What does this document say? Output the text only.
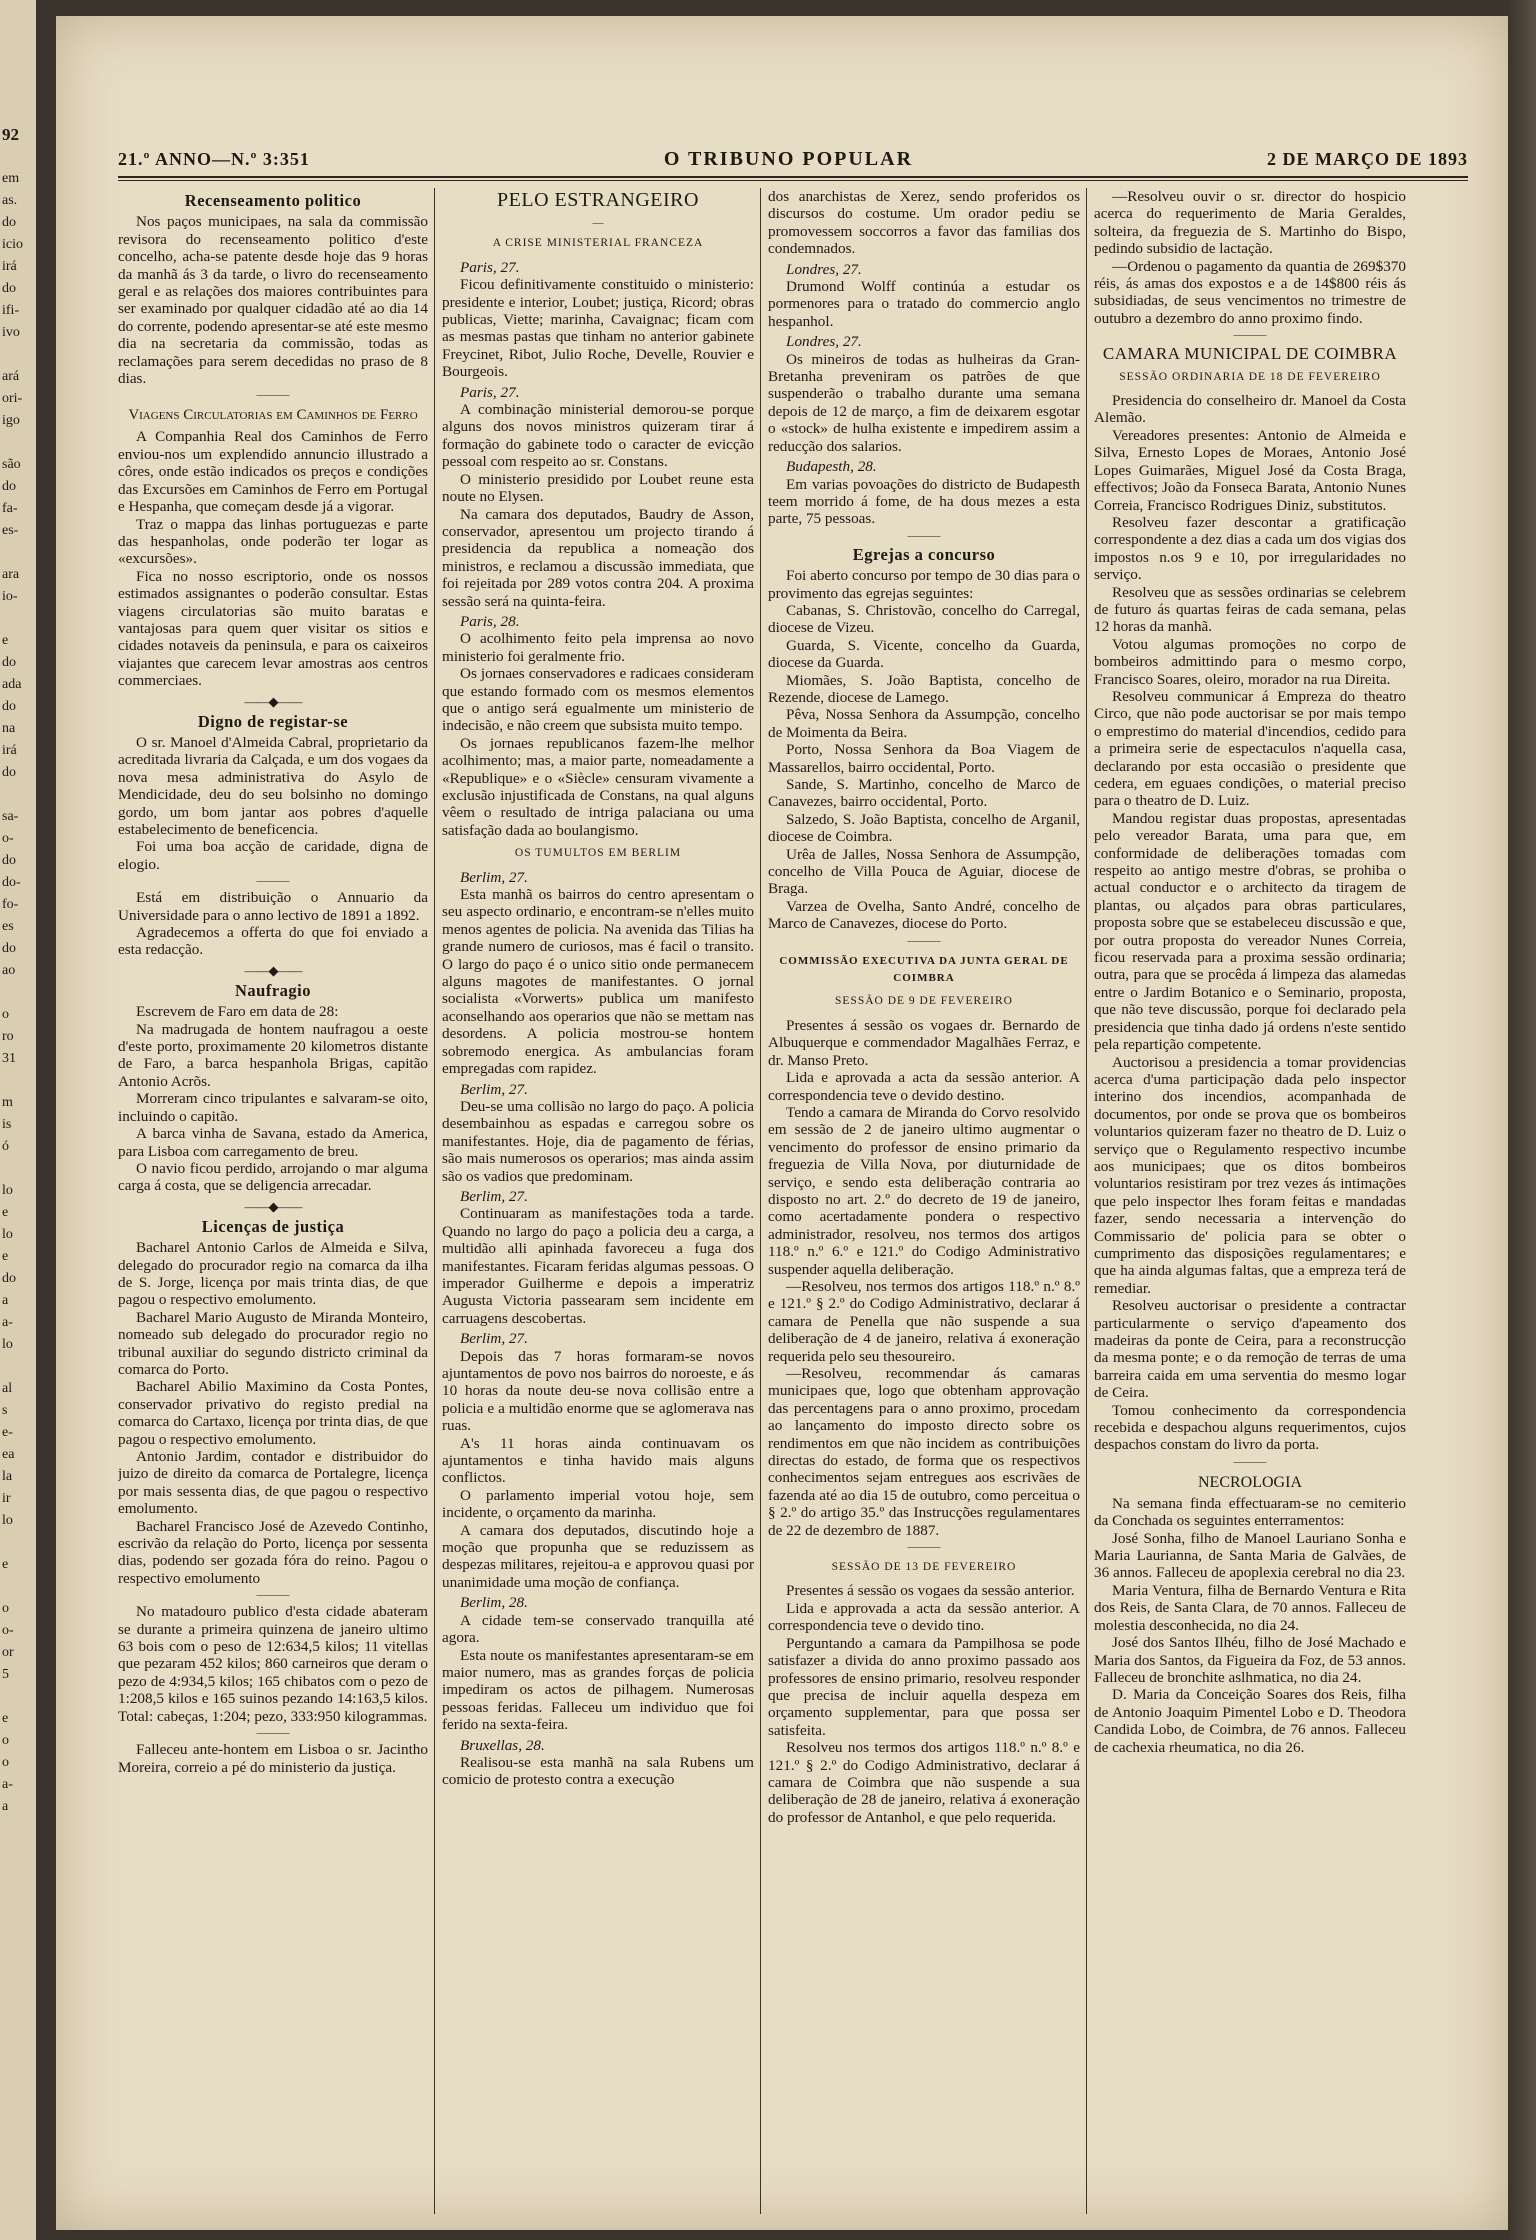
92

em
as.
do
icio
irá
do
ifi-
ivo

ará
ori-
igo

são
do
fa-
es-

ara
io-

e
do
ada
do
na
irá
do

sa-
o-
do
do-
fo-
es
do
ao

o
ro
31

m
is
ó

lo
e
lo
e
do
a
a-
lo

al
s
e-
ea
la
ir
lo

e

o
o-
or
5

e
o
o
a-
a
21.º ANNO—N.º 3:351	O TRIBUNO POPULAR	2 DE MARÇO DE 1893
Recenseamento politico

Nos paços municipaes, na sala da commissão revisora do recenseamento politico d'este concelho, acha-se patente desde hoje das 9 horas da manhã ás 3 da tarde, o livro do recenseamento geral e as relações dos maiores contribuintes para ser examinado por qualquer cidadão até ao dia 14 do corrente, podendo apresentar-se até este mesmo dia na secretaria da commissão, todas as reclamações para serem decedidas no praso de 8 dias.

———
Viagens Circulatorias em Caminhos de Ferro

A Companhia Real dos Caminhos de Ferro enviou-nos um explendido annuncio illustrado a côres, onde estão indicados os preços e condições das Excursões em Caminhos de Ferro em Portugal e Hespanha, que começam desde já a vigorar.

Traz o mappa das linhas portuguezas e parte das hespanholas, onde poderão ter logar as «excursões».

Fica no nosso escriptorio, onde os nossos estimados assignantes o poderão consultar. Estas viagens circulatorias são muito baratas e vantajosas para quem quer visitar os sitios e cidades notaveis da peninsula, e para os caixeiros viajantes que carecem levar amostras aos centros commerciaes.

——◆——
Digno de registar-se

O sr. Manoel d'Almeida Cabral, proprietario da acreditada livraria da Calçada, e um dos vogaes da nova mesa administrativa do Asylo de Mendicidade, deu do seu bolsinho no domingo gordo, um bom jantar aos pobres d'aquelle estabelecimento de beneficencia.

Foi uma boa acção de caridade, digna de elogio.

———

Está em distribuição o Annuario da Universidade para o anno lectivo de 1891 a 1892.

Agradecemos a offerta do que foi enviado a esta redacção.

——◆——
Naufragio

Escrevem de Faro em data de 28:

Na madrugada de hontem naufragou a oeste d'este porto, proximamente 20 kilometros distante de Faro, a barca hespanhola Brigas, capitão Antonio Acrõs.

Morreram cinco tripulantes e salvaram-se oito, incluindo o capitão.

A barca vinha de Savana, estado da America, para Lisboa com carregamento de breu.

O navio ficou perdido, arrojando o mar alguma carga á costa, que se deligencia arrecadar.

——◆——
Licenças de justiça

Bacharel Antonio Carlos de Almeida e Silva, delegado do procurador regio na comarca da ilha de S. Jorge, licença por mais trinta dias, de que pagou o respectivo emolumento.

Bacharel Mario Augusto de Miranda Monteiro, nomeado sub delegado do procurador regio no tribunal auxiliar do segundo districto criminal da comarca do Porto.

Bacharel Abilio Maximino da Costa Pontes, conservador privativo do registo predial na comarca do Cartaxo, licença por trinta dias, de que pagou o respectivo emolumento.

Antonio Jardim, contador e distribuidor do juizo de direito da comarca de Portalegre, licença por mais sessenta dias, de que pagou o respectivo emolumento.

Bacharel Francisco José de Azevedo Continho, escrivão da relação do Porto, licença por sessenta dias, podendo ser gozada fóra do reino. Pagou o respectivo emolumento

———

No matadouro publico d'esta cidade abateram se durante a primeira quinzena de janeiro ultimo 63 bois com o peso de 12:634,5 kilos; 11 vitellas que pezaram 452 kilos; 860 carneiros que deram o pezo de 4:934,5 kilos; 165 chibatos com o pezo de 1:208,5 kilos e 165 suinos pezando 14:163,5 kilos. Total: cabeças, 1:204; pezo, 333:950 kilogrammas.

———

Falleceu ante-hontem em Lisboa o sr. Jacintho Moreira, correio a pé do ministerio da justiça.

PELO ESTRANGEIRO
—
A CRISE MINISTERIAL FRANCEZA

Paris, 27.

Ficou definitivamente constituido o ministerio: presidente e interior, Loubet; justiça, Ricord; obras publicas, Viette; marinha, Cavaignac; ficam com as mesmas pastas que tinham no anterior gabinete Freycinet, Ribot, Julio Roche, Develle, Rouvier e Bourgeois.

Paris, 27.

A combinação ministerial demorou-se porque alguns dos novos ministros quizeram tirar á formação do gabinete todo o caracter de evicção pessoal com respeito ao sr. Constans.

O ministerio presidido por Loubet reune esta noute no Elysen.

Na camara dos deputados, Baudry de Asson, conservador, apresentou um projecto tirando á presidencia da republica a nomeação dos ministros, e reclamou a discussão immediata, que foi rejeitada por 289 votos contra 204. A proxima sessão será na quinta-feira.

Paris, 28.

O acolhimento feito pela imprensa ao novo ministerio foi geralmente frio.

Os jornaes conservadores e radicaes consideram que estando formado com os mesmos elementos que o antigo será egualmente um ministerio de indecisão, e não creem que subsista muito tempo.

Os jornaes republicanos fazem-lhe melhor acolhimento; mas, a maior parte, nomeadamente a «Republique» e o «Siècle» censuram vivamente a exclusão injustificada de Constans, na qual alguns vêem o resultado de intriga palaciana ou uma satisfação dada ao boulangismo.

OS TUMULTOS EM BERLIM

Berlim, 27.

Esta manhã os bairros do centro apresentam o seu aspecto ordinario, e encontram-se n'elles muito menos agentes de policia. Na avenida das Tilias ha grande numero de curiosos, mas é facil o transito. O largo do paço é o unico sitio onde permanecem alguns magotes de manifestantes. O jornal socialista «Vorwerts» publica um manifesto aconselhando aos operarios que não se mettam nas desordens. A policia mostrou-se hontem sobremodo energica. As ambulancias foram empregadas com rapidez.

Berlim, 27.

Deu-se uma collisão no largo do paço. A policia desembainhou as espadas e carregou sobre os manifestantes. Hoje, dia de pagamento de férias, são mais numerosos os operarios; mas ainda assim são os vadios que predominam.

Berlim, 27.

Continuaram as manifestações toda a tarde. Quando no largo do paço a policia deu a carga, a multidão alli apinhada favoreceu a fuga dos manifestantes. Ficaram feridas algumas pessoas. O imperador Guilherme e depois a imperatriz Augusta Victoria passearam sem incidente em carruagens descobertas.

Berlim, 27.

Depois das 7 horas formaram-se novos ajuntamentos de povo nos bairros do noroeste, e ás 10 horas da noute deu-se nova collisão entre a policia e a multidão enorme que se aglomerava nas ruas.

A's 11 horas ainda continuavam os ajuntamentos e tinha havido mais alguns conflictos.

O parlamento imperial votou hoje, sem incidente, o orçamento da marinha.

A camara dos deputados, discutindo hoje a moção que propunha que se reduzissem as despezas militares, rejeitou-a e approvou quasi por unanimidade uma moção de confiança.

Berlim, 28.

A cidade tem-se conservado tranquilla até agora.

Esta noute os manifestantes apresentaram-se em maior numero, mas as grandes forças de policia impediram os actos de pilhagem. Numerosas pessoas feridas. Falleceu um individuo que foi ferido na sexta-feira.

Bruxellas, 28.

Realisou-se esta manhã na sala Rubens um comicio de protesto contra a execução

dos anarchistas de Xerez, sendo proferidos os discursos do costume. Um orador pediu se promovessem soccorros a favor das familias dos condemnados.

Londres, 27.

Drumond Wolff continúa a estudar os pormenores para o tratado do commercio anglo hespanhol.

Londres, 27.

Os mineiros de todas as hulheiras da Gran-Bretanha preveniram os patrões de que suspenderão o trabalho durante uma semana depois de 12 de março, a fim de deixarem esgotar o «stock» de hulha existente e impedirem assim a reducção dos salarios.

Budapesth, 28.

Em varias povoações do districto de Budapesth teem morrido á fome, de ha dous mezes a esta parte, 75 pessoas.

———
Egrejas a concurso

Foi aberto concurso por tempo de 30 dias para o provimento das egrejas seguintes:

Cabanas, S. Christovão, concelho do Carregal, diocese de Vizeu.

Guarda, S. Vicente, concelho da Guarda, diocese da Guarda.

Miomães, S. João Baptista, concelho de Rezende, diocese de Lamego.

Pêva, Nossa Senhora da Assumpção, concelho de Moimenta da Beira.

Porto, Nossa Senhora da Boa Viagem de Massarellos, bairro occidental, Porto.

Sande, S. Martinho, concelho de Marco de Canavezes, bairro occidental, Porto.

Salzedo, S. João Baptista, concelho de Arganil, diocese de Coimbra.

Urêa de Jalles, Nossa Senhora de Assumpção, concelho de Villa Pouca de Aguiar, diocese de Braga.

Varzea de Ovelha, Santo André, concelho de Marco de Canavezes, diocese do Porto.

———
COMMISSÃO EXECUTIVA DA JUNTA GERAL DE COIMBRA
SESSÃO DE 9 DE FEVEREIRO

Presentes á sessão os vogaes dr. Bernardo de Albuquerque e commendador Magalhães Ferraz, e dr. Manso Preto.

Lida e aprovada a acta da sessão anterior. A correspondencia teve o devido destino.

Tendo a camara de Miranda do Corvo resolvido em sessão de 2 de janeiro ultimo augmentar o vencimento do professor de ensino primario da freguezia de Villa Nova, por diuturnidade de serviço, e sendo esta deliberação contraria ao disposto no art. 2.º do decreto de 19 de janeiro, como acertadamente pondera o respectivo administrador, resolveu, nos termos dos artigos 118.º n.º 6.º e 121.º do Codigo Administrativo suspender aquella deliberação.

—Resolveu, nos termos dos artigos 118.º n.º 8.º e 121.º § 2.º do Codigo Administrativo, declarar á camara de Penella que não suspende a sua deliberação de 4 de janeiro, relativa á exoneração requerida pelo seu thesoureiro.

—Resolveu, recommendar ás camaras municipaes que, logo que obtenham approvação das percentagens para o anno proximo, procedam ao lançamento do imposto directo sobre os rendimentos em que não incidem as contribuições directas do estado, de forma que os respectivos conhecimentos sejam entregues aos escrivães de fazenda até ao dia 15 de outubro, como perceitua o § 2.º do artigo 35.º das Instrucções regulamentares de 22 de dezembro de 1887.

———
SESSÃO DE 13 DE FEVEREIRO

Presentes á sessão os vogaes da sessão anterior.

Lida e approvada a acta da sessão anterior. A correspondencia teve o devido tino.

Perguntando a camara da Pampilhosa se pode satisfazer a divida do anno proximo passado aos professores de ensino primario, resolveu responder que precisa de incluir aquella despeza em orçamento supplementar, para que possa ser satisfeita.

Resolveu nos termos dos artigos 118.º n.º 8.º e 121.º § 2.º do Codigo Administrativo, declarar á camara de Coimbra que não suspende a sua deliberação de 28 de janeiro, relativa á exoneração do professor de Antanhol, e que pelo requerida.

—Resolveu ouvir o sr. director do hospicio acerca do requerimento de Maria Geraldes, solteira, da freguezia de S. Martinho do Bispo, pedindo subsidio de lactação.

—Ordenou o pagamento da quantia de 269$370 réis, ás amas dos expostos e a de 14$800 réis ás subsidiadas, de seus vencimentos no trimestre de outubro a dezembro do anno proximo findo.

———
CAMARA MUNICIPAL DE COIMBRA
SESSÃO ORDINARIA DE 18 DE FEVEREIRO

Presidencia do conselheiro dr. Manoel da Costa Alemão.

Vereadores presentes: Antonio de Almeida e Silva, Ernesto Lopes de Moraes, Antonio José Lopes Guimarães, Miguel José da Costa Braga, effectivos; João da Fonseca Barata, Antonio Nunes Correia, Francisco Rodrigues Diniz, substitutos.

Resolveu fazer descontar a gratificação correspondente a dez dias a cada um dos vigias dos impostos n.os 9 e 10, por irregularidades no serviço.

Resolveu que as sessões ordinarias se celebrem de futuro ás quartas feiras de cada semana, pelas 12 horas da manhã.

Votou algumas promoções no corpo de bombeiros admittindo para o mesmo corpo, Francisco Soares, oleiro, morador na rua Direita.

Resolveu communicar á Empreza do theatro Circo, que não pode auctorisar se por mais tempo o emprestimo do material d'incendios, cedido para a primeira serie de espectaculos n'aquella casa, declarando por esta occasião o presidente que cedera, em eguaes condições, o material preciso para o theatro de D. Luiz.

Mandou registar duas propostas, apresentadas pelo vereador Barata, uma para que, em conformidade de deliberações tomadas com respeito ao antigo mestre d'obras, se prohiba o actual conductor e o architecto da tiragem de plantas, ou alçados para obras particulares, proposta sobre que se estabeleceu discussão e que, por outra proposta do vereador Nunes Correia, ficou reservada para a proxima sessão ordinaria; outra, para que se procêda á limpeza das alamedas entre o Jardim Botanico e o Seminario, proposta, que não teve discussão, porque foi declarado pela presidencia que tinha dado já ordens n'este sentido pela repartição competente.

Auctorisou a presidencia a tomar providencias acerca d'uma participação dada pelo inspector interino dos incendios, acompanhada de documentos, por onde se prova que os bombeiros voluntarios quizeram fazer no theatro de D. Luiz o serviço que o Regulamento respectivo incumbe aos municipaes; que os ditos bombeiros voluntarios resistiram por trez vezes ás intimações que pelo inspector lhes foram feitas e mandadas fazer, sendo necessaria a intervenção do Commissario de' policia para se obter o cumprimento das disposições regulamentares; e que ha ainda algumas faltas, que a empreza terá de remediar.

Resolveu auctorisar o presidente a contractar particularmente o serviço d'apeamento dos madeiras da ponte de Ceira, para a reconstrucção da mesma ponte; e o da remoção de terras de uma barreira caida em uma serventia do mesmo logar de Ceira.

Tomou conhecimento da correspondencia recebida e despachou alguns requerimentos, cujos despachos constam do livro da porta.

———
NECROLOGIA

Na semana finda effectuaram-se no cemiterio da Conchada os seguintes enterramentos:

José Sonha, filho de Manoel Lauriano Sonha e Maria Laurianna, de Santa Maria de Galvães, de 36 annos. Falleceu de apoplexia cerebral no dia 23.

Maria Ventura, filha de Bernardo Ventura e Rita dos Reis, de Santa Clara, de 70 annos. Falleceu de molestia desconhecida, no dia 24.

José dos Santos Ilhéu, filho de José Machado e Maria dos Santos, da Figueira da Foz, de 53 annos. Falleceu de bronchite aslhmatica, no dia 24.

D. Maria da Conceição Soares dos Reis, filha de Antonio Joaquim Pimentel Lobo e D. Theodora Candida Lobo, de Coimbra, de 76 annos. Falleceu de cachexia rheumatica, no dia 26.
